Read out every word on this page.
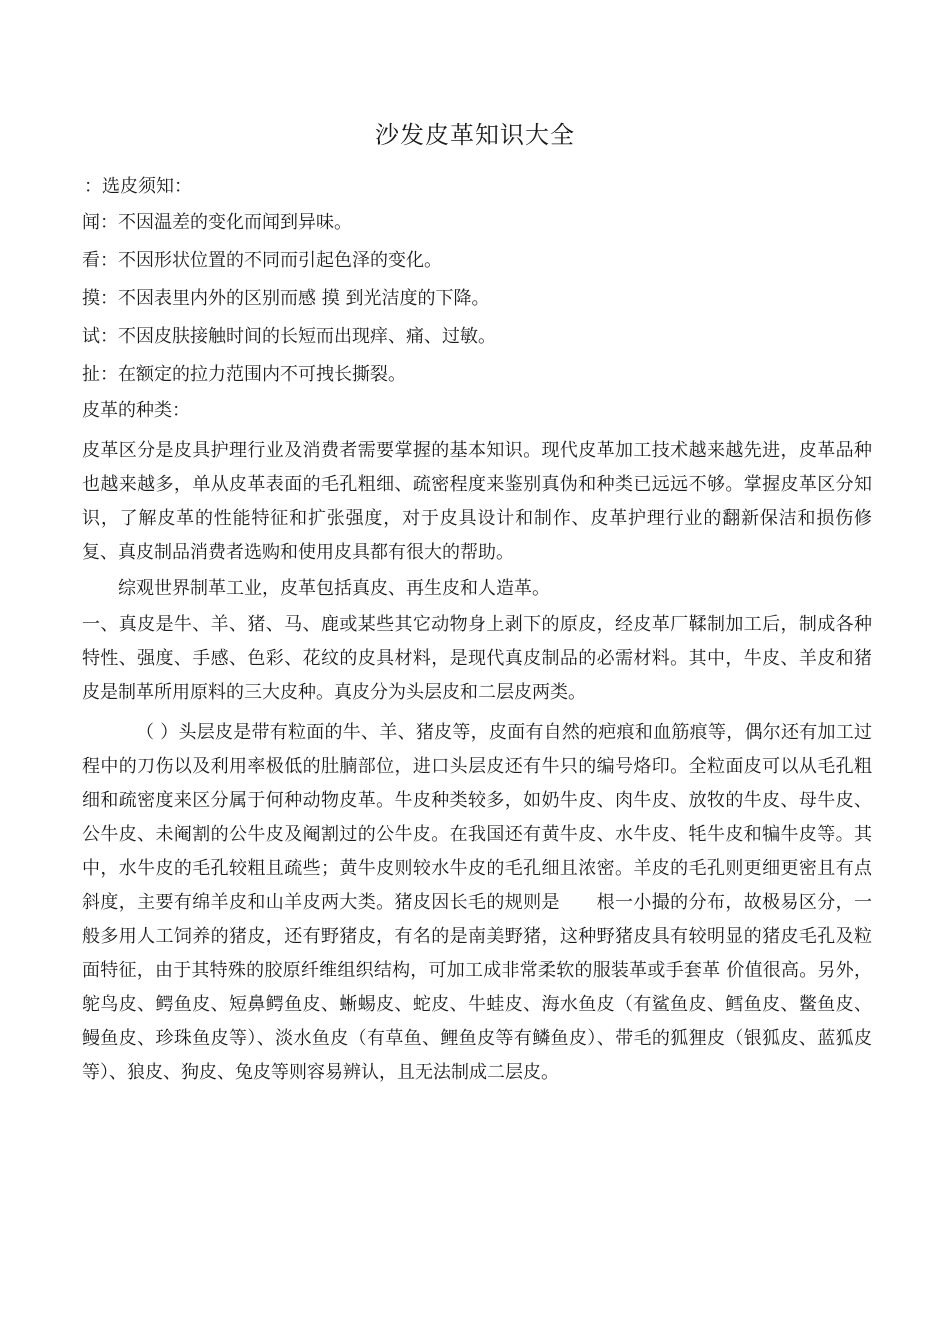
沙发皮革知识大全
：选皮须知：
闻：不因温差的变化而闻到异味。
看：不因形状位置的不同而引起色泽的变化。
摸：不因表里内外的区别而感 摸 到光洁度的下降。
试：不因皮肤接触时间的长短而出现痒、痛、过敏。
扯：在额定的拉力范围内不可拽长撕裂。
皮革的种类：
皮革区分是皮具护理行业及消费者需要掌握的基本知识。现代皮革加工技术越来越先进，皮革品种也越来越多，单从皮革表面的毛孔粗细、疏密程度来鉴别真伪和种类已远远不够。掌握皮革区分知识，了解皮革的性能特征和扩张强度，对于皮具设计和制作、皮革护理行业的翻新保洁和损伤修复、真皮制品消费者选购和使用皮具都有很大的帮助。
综观世界制革工业，皮革包括真皮、再生皮和人造革。
一、真皮是牛、羊、猪、马、鹿或某些其它动物身上剥下的原皮，经皮革厂鞣制加工后，制成各种特性、强度、手感、色彩、花纹的皮具材料，是现代真皮制品的必需材料。其中，牛皮、羊皮和猪皮是制革所用原料的三大皮种。真皮分为头层皮和二层皮两类。
（ ）头层皮是带有粒面的牛、羊、猪皮等，皮面有自然的疤痕和血筋痕等，偶尔还有加工过程中的刀伤以及利用率极低的肚腩部位，进口头层皮还有牛只的编号烙印。全粒面皮可以从毛孔粗细和疏密度来区分属于何种动物皮革。牛皮种类较多，如奶牛皮、肉牛皮、放牧的牛皮、母牛皮、公牛皮、未阉割的公牛皮及阉割过的公牛皮。在我国还有黄牛皮、水牛皮、牦牛皮和犏牛皮等。其中，水牛皮的毛孔较粗且疏些；黄牛皮则较水牛皮的毛孔细且浓密。羊皮的毛孔则更细更密且有点斜度，主要有绵羊皮和山羊皮两大类。猪皮因长毛的规则是　　根一小撮的分布，故极易区分，一般多用人工饲养的猪皮，还有野猪皮，有名的是南美野猪，这种野猪皮具有较明显的猪皮毛孔及粒面特征，由于其特殊的胶原纤维组织结构，可加工成非常柔软的服装革或手套革 价值很高。另外，鸵鸟皮、鳄鱼皮、短鼻鳄鱼皮、蜥蜴皮、蛇皮、牛蛙皮、海水鱼皮（有鲨鱼皮、鳕鱼皮、鳖鱼皮、鳗鱼皮、珍珠鱼皮等）、淡水鱼皮（有草鱼、鲤鱼皮等有鳞鱼皮）、带毛的狐狸皮（银狐皮、蓝狐皮等）、狼皮、狗皮、兔皮等则容易辨认，且无法制成二层皮。
